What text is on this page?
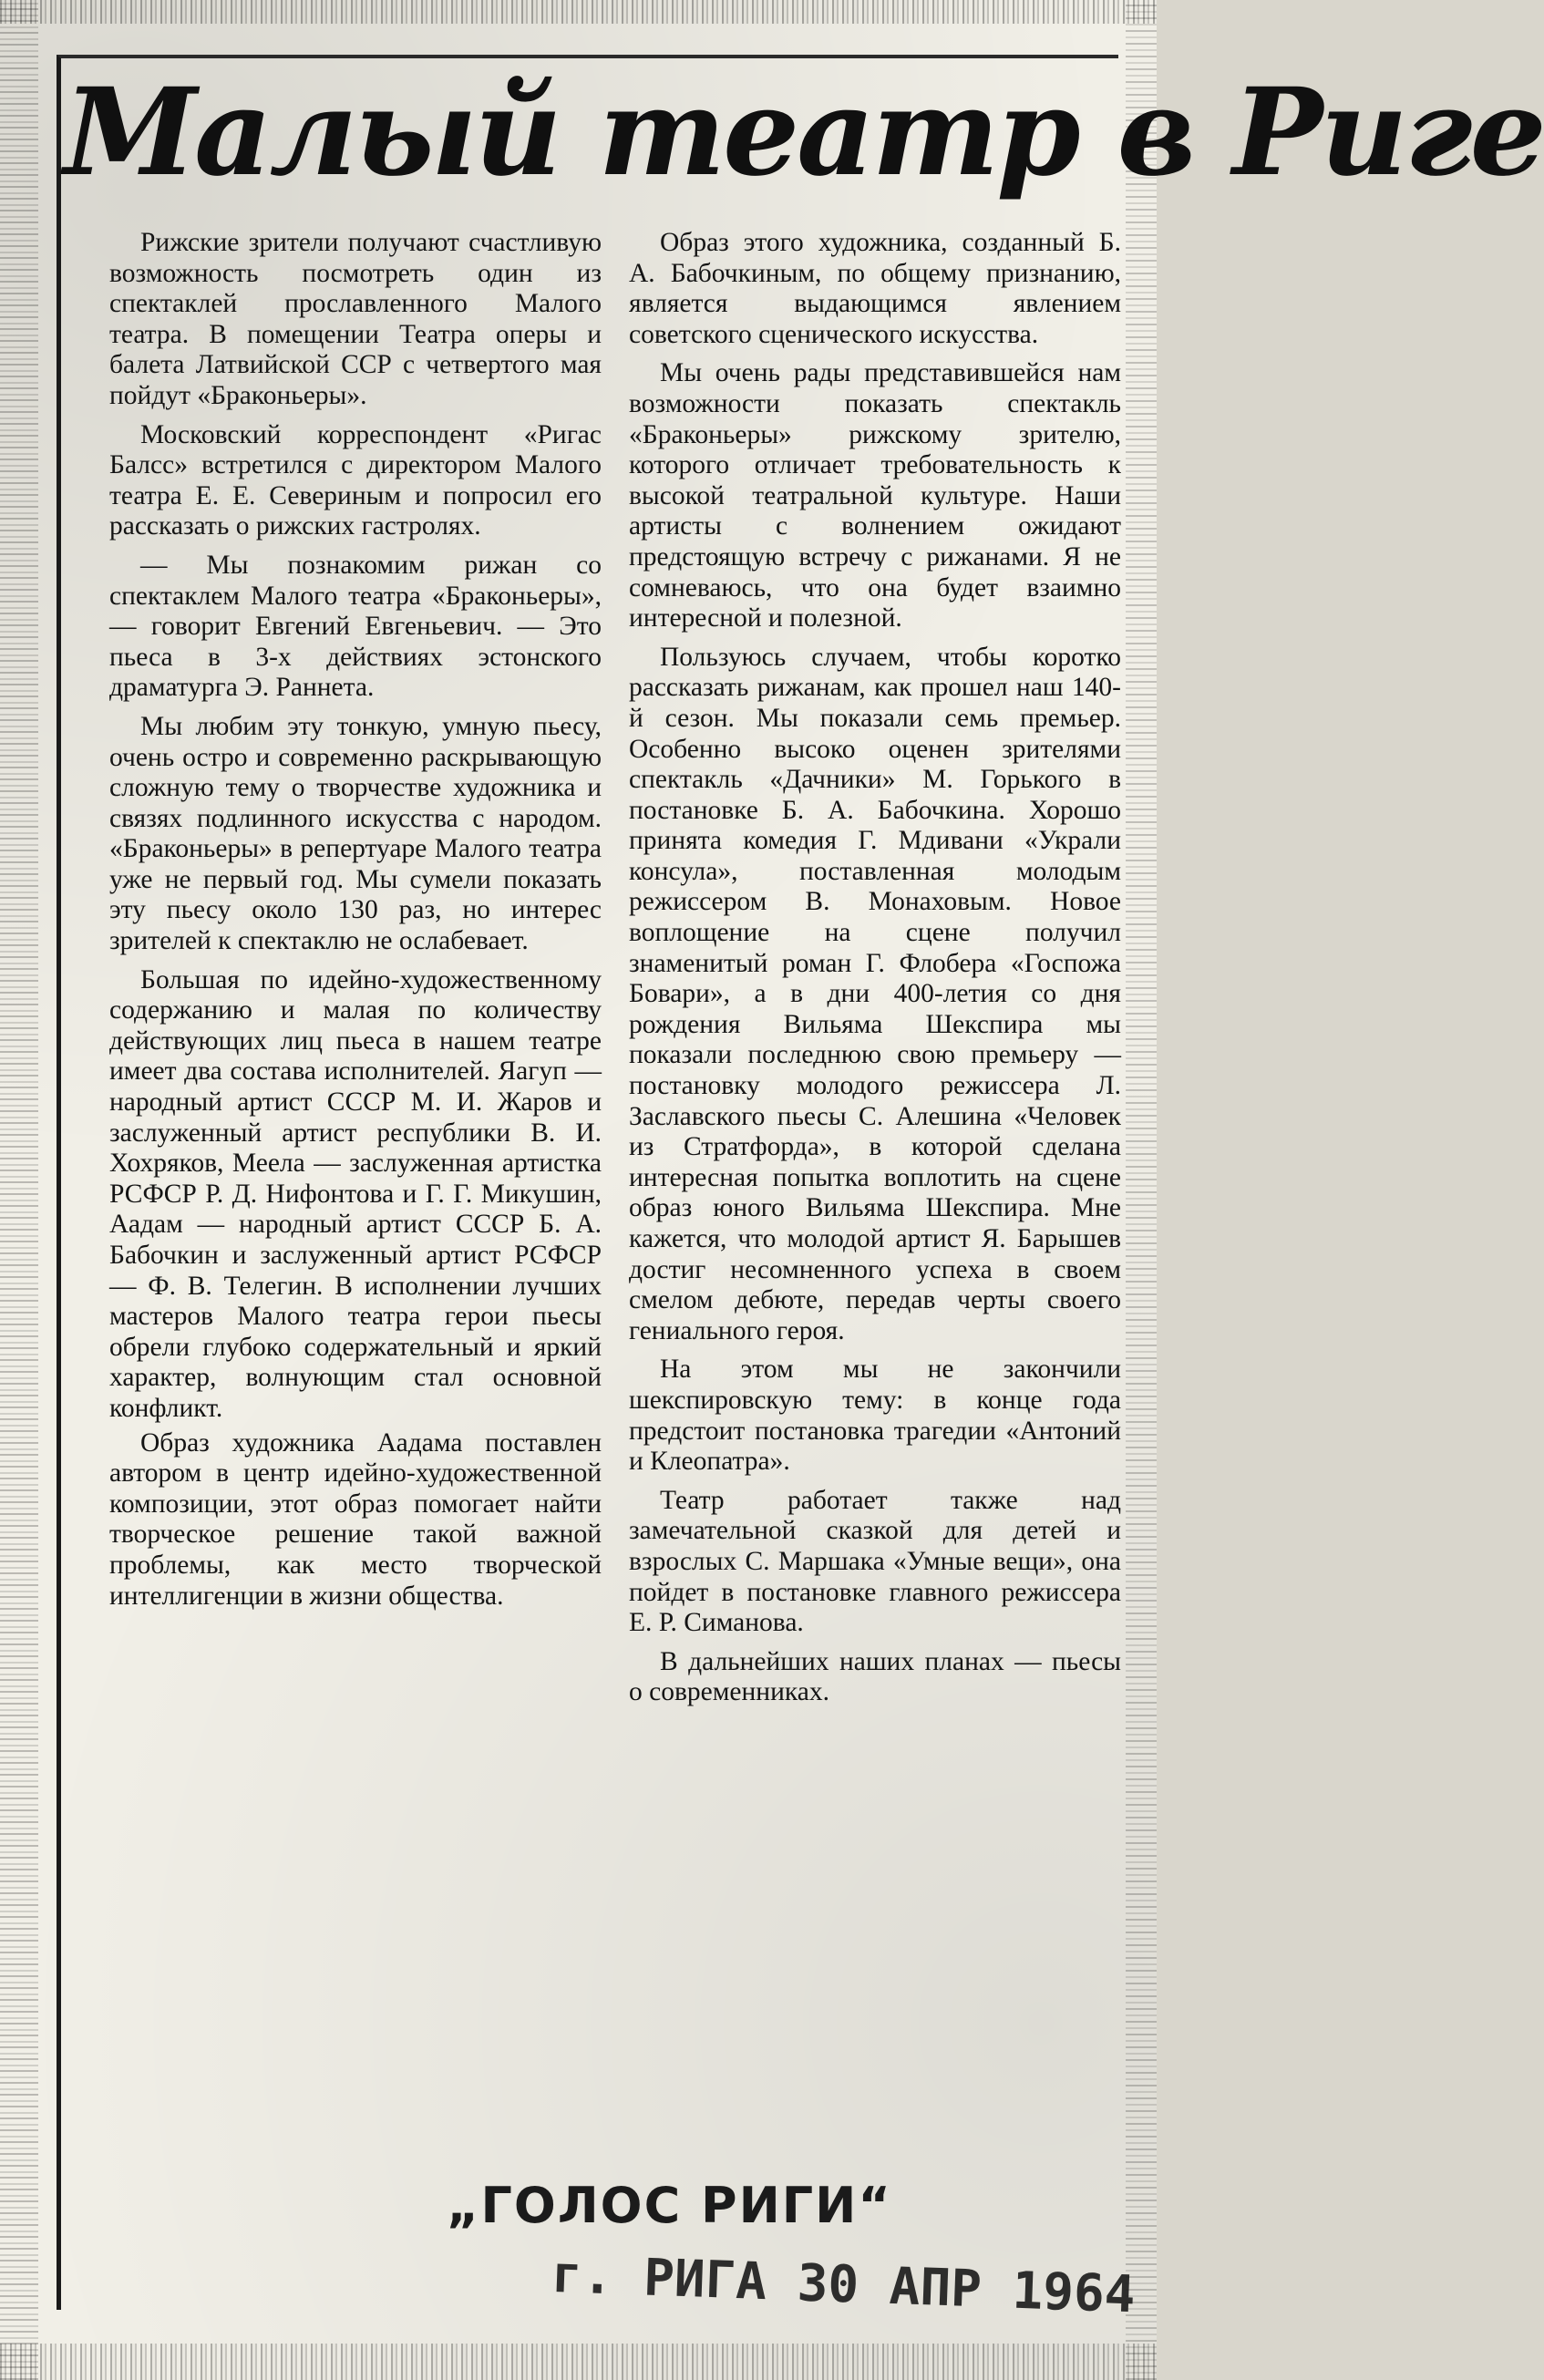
Малый театр в Риге

Рижские зрители получают счастливую возможность посмотреть один из спектаклей прославленного Малого театра. В помещении Театра оперы и балета Латвийской ССР с четвертого мая пойдут «Браконьеры».

Московский корреспондент «Ригас Балсс» встретился с директором Малого театра Е. Е. Севериным и попросил его рассказать о рижских гастролях.

— Мы познакомим рижан со спектаклем Малого театра «Браконьеры», — говорит Евгений Евгеньевич. — Это пьеса в 3-х действиях эстонского драматурга Э. Раннета.

Мы любим эту тонкую, умную пьесу, очень остро и современно раскрывающую сложную тему о творчестве художника и связях подлинного искусства с народом. «Браконьеры» в репертуаре Малого театра уже не первый год. Мы сумели показать эту пьесу около 130 раз, но интерес зрителей к спектаклю не ослабевает.

Большая по идейно-художественному содержанию и малая по количеству действующих лиц пьеса в нашем театре имеет два состава исполнителей. Яагуп — народный артист СССР М. И. Жаров и заслуженный артист республики В. И. Хохряков, Меела — заслуженная артистка РСФСР Р. Д. Нифонтова и Г. Г. Микушин, Аадам — народный артист СССР Б. А. Бабочкин и заслуженный артист РСФСР — Ф. В. Телегин. В исполнении лучших мастеров Малого театра герои пьесы обрели глубоко содержательный и яркий характер, волнующим стал основной конфликт.

Образ художника Аадама поставлен автором в центр идейно-художественной композиции, этот образ помогает найти творческое решение такой важной проблемы, как место творческой интеллигенции в жизни общества.

Образ этого художника, созданный Б. А. Бабочкиным, по общему признанию, является выдающимся явлением советского сценического искусства.

Мы очень рады представившейся нам возможности показать спектакль «Браконьеры» рижскому зрителю, которого отличает требовательность к высокой театральной культуре. Наши артисты с волнением ожидают предстоящую встречу с рижанами. Я не сомневаюсь, что она будет взаимно интересной и полезной.

Пользуюсь случаем, чтобы коротко рассказать рижанам, как прошел наш 140-й сезон. Мы показали семь премьер. Особенно высоко оценен зрителями спектакль «Дачники» М. Горького в постановке Б. А. Бабочкина. Хорошо принята комедия Г. Мдивани «Украли консула», поставленная молодым режиссером В. Монаховым. Новое воплощение на сцене получил знаменитый роман Г. Флобера «Госпожа Бовари», а в дни 400-летия со дня рождения Вильяма Шекспира мы показали последнюю свою премьеру — постановку молодого режиссера Л. Заславского пьесы С. Алешина «Человек из Стратфорда», в которой сделана интересная попытка воплотить на сцене образ юного Вильяма Шекспира. Мне кажется, что молодой артист Я. Барышев достиг несомненного успеха в своем смелом дебюте, передав черты своего гениального героя.

На этом мы не закончили шекспировскую тему: в конце года предстоит постановка трагедии «Антоний и Клеопатра».

Театр работает также над замечательной сказкой для детей и взрослых С. Маршака «Умные вещи», она пойдет в постановке главного режиссера Е. Р. Симанова.

В дальнейших наших планах — пьесы о современниках.

„ ГОЛОС РИГИ “
г. РИГА 30 АПР 1964
